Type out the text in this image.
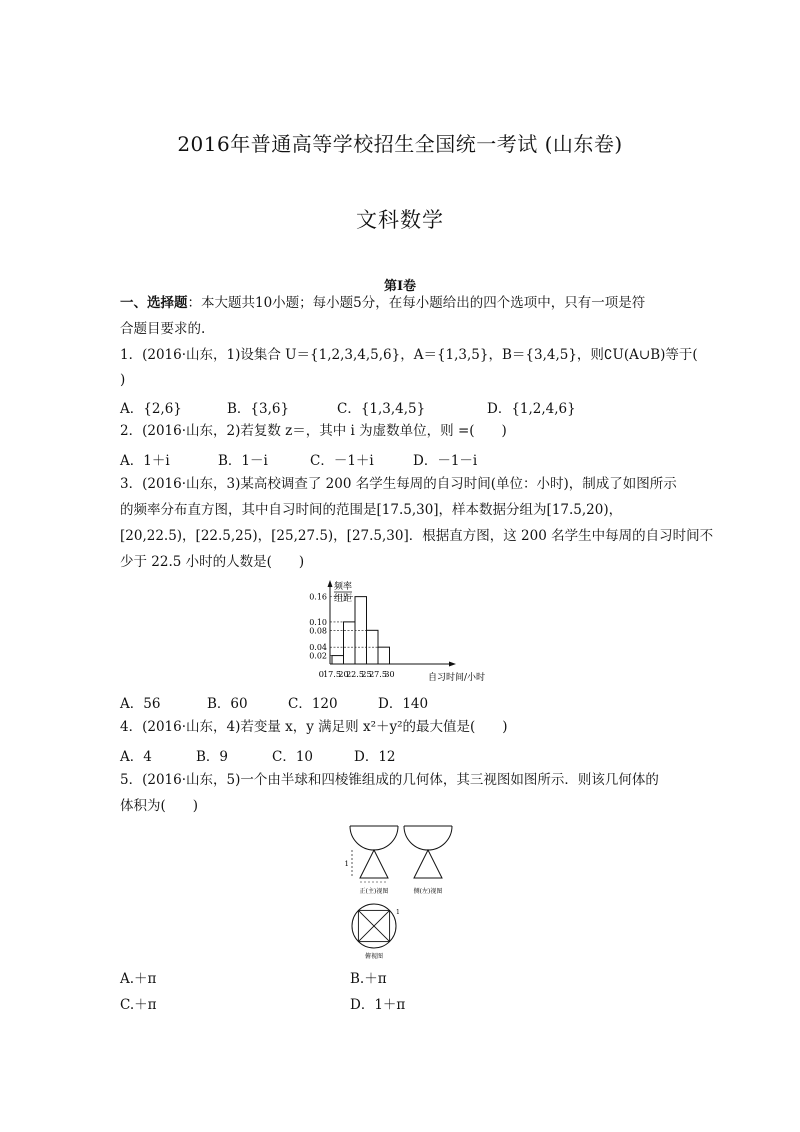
2016年普通高等学校招生全国统一考试 (山东卷)
文科数学
第Ⅰ卷
一、选择题：本大题共10小题；每小题5分，在每小题给出的四个选项中，只有一项是符
合题目要求的.
1．(2016·山东，1)设集合 U＝{1,2,3,4,5,6}，A＝{1,3,5}，B＝{3,4,5}，则∁U(A∪B)等于(
)
A．{2,6}	B．{3,6}	C．{1,3,4,5}	D．{1,2,4,6}
2．(2016·山东，2)若复数 z＝，其中 i 为虚数单位，则 =(　　)
A．1＋i	B．1－i	C．－1＋i	D．－1－i
3．(2016·山东，3)某高校调查了 200 名学生每周的自习时间(单位：小时)，制成了如图所示
的频率分布直方图，其中自习时间的范围是[17.5,30]，样本数据分组为[17.5,20)，
[20,22.5)，[22.5,25)，[25,27.5)，[27.5,30]．根据直方图，这 200 名学生中每周的自习时间不
少于 22.5 小时的人数是(　　)
频率
组距
0	自习时间/小时
0.02
0.04
0.08
0.10
0.16
17.5
20
22.5
25
27.5
30
A．56	B．60	C．120	D．140
4．(2016·山东，4)若变量 x，y 满足则 x²＋y²的最大值是(　　)
A．4	B．9	C．10	D．12
5．(2016·山东，5)一个由半球和四棱锥组成的几何体，其三视图如图所示．则该几何体的
体积为(　　)
1
正(主)视图	侧(左)视图
俯视图
1
A.＋π	B.＋π
C.＋π	D．1＋π
